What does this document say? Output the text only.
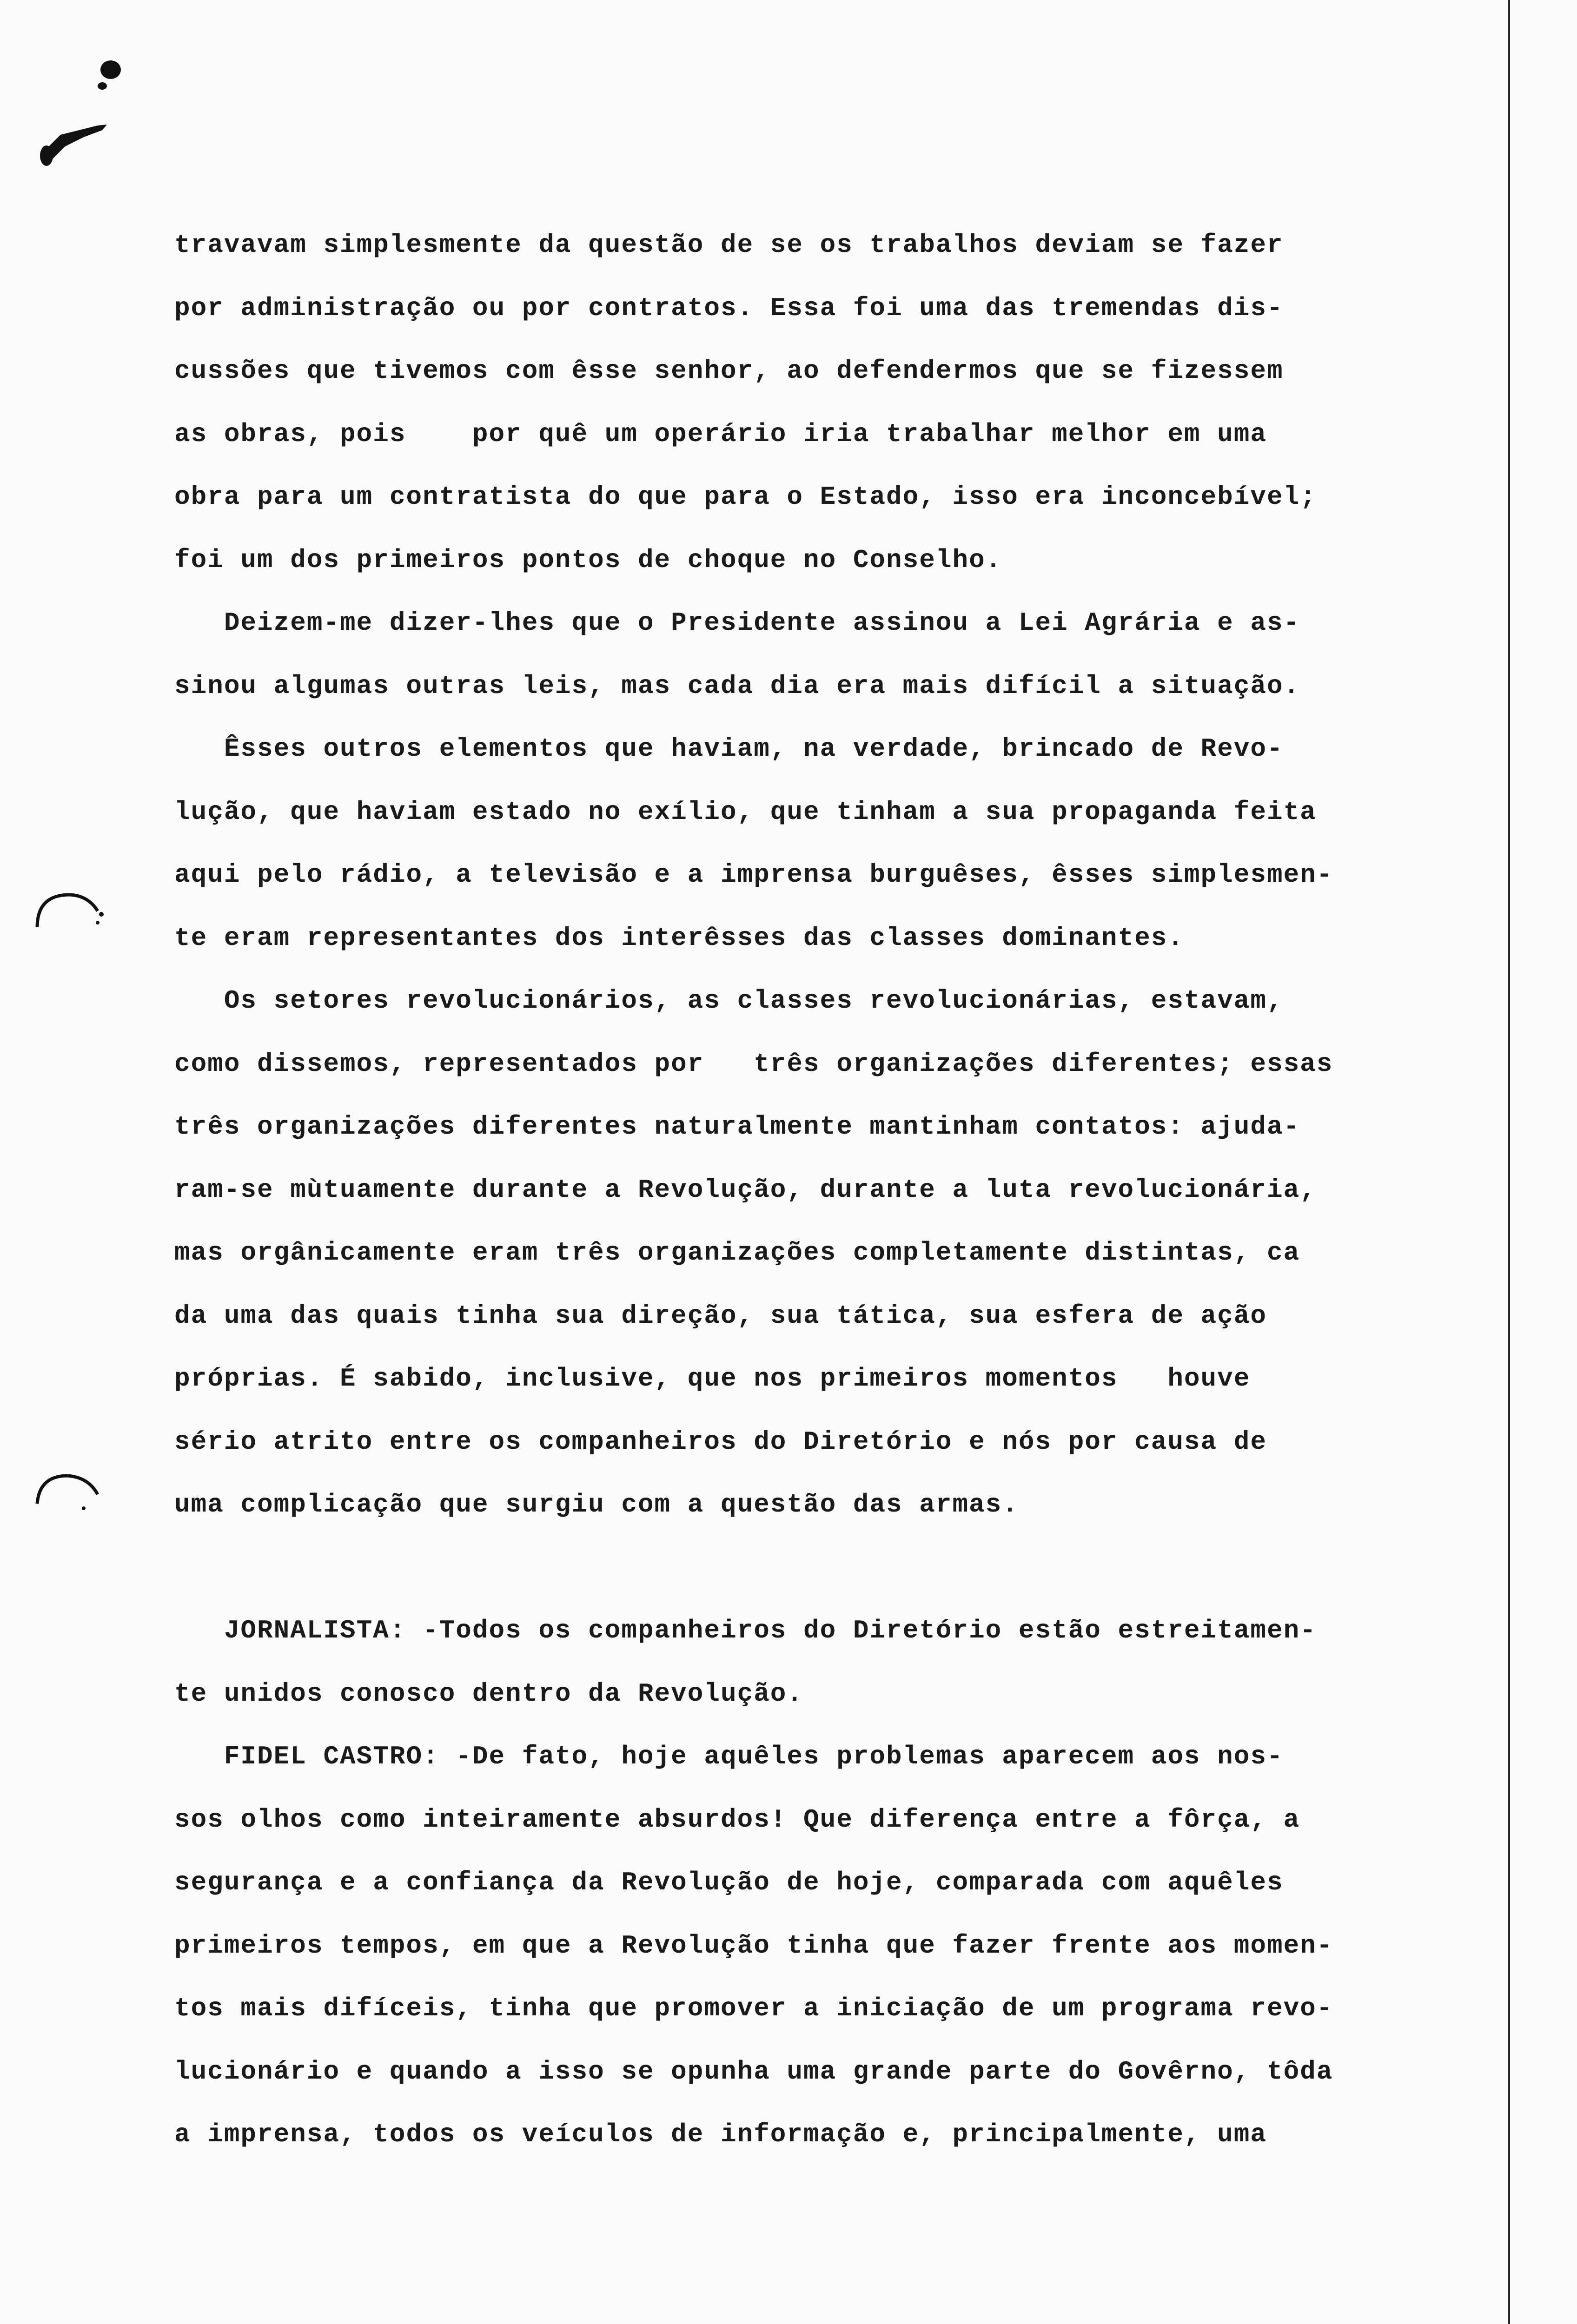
travavam simplesmente da questão de se os trabalhos deviam se fazer
por administração ou por contratos. Essa foi uma das tremendas dis-
cussões que tivemos com êsse senhor, ao defendermos que se fizessem
as obras, pois    por quê um operário iria trabalhar melhor em uma
obra para um contratista do que para o Estado, isso era inconcebível;
foi um dos primeiros pontos de choque no Conselho.
Deizem-me dizer-lhes que o Presidente assinou a Lei Agrária e as-
sinou algumas outras leis, mas cada dia era mais difícil a situação.
Êsses outros elementos que haviam, na verdade, brincado de Revo-
lução, que haviam estado no exílio, que tinham a sua propaganda feita
aqui pelo rádio, a televisão e a imprensa burguêses, êsses simplesmen-
te eram representantes dos interêsses das classes dominantes.
Os setores revolucionários, as classes revolucionárias, estavam,
como dissemos, representados por   três organizações diferentes; essas
três organizações diferentes naturalmente mantinham contatos: ajuda-
ram-se mùtuamente durante a Revolução, durante a luta revolucionária,
mas orgânicamente eram três organizações completamente distintas, ca
da uma das quais tinha sua direção, sua tática, sua esfera de ação
próprias. É sabido, inclusive, que nos primeiros momentos   houve
sério atrito entre os companheiros do Diretório e nós por causa de
uma complicação que surgiu com a questão das armas.
JORNALISTA: -Todos os companheiros do Diretório estão estreitamen-
te unidos conosco dentro da Revolução.
FIDEL CASTRO: -De fato, hoje aquêles problemas aparecem aos nos-
sos olhos como inteiramente absurdos! Que diferença entre a fôrça, a
segurança e a confiança da Revolução de hoje, comparada com aquêles
primeiros tempos, em que a Revolução tinha que fazer frente aos momen-
tos mais difíceis, tinha que promover a iniciação de um programa revo-
lucionário e quando a isso se opunha uma grande parte do Govêrno, tôda
a imprensa, todos os veículos de informação e, principalmente, uma
